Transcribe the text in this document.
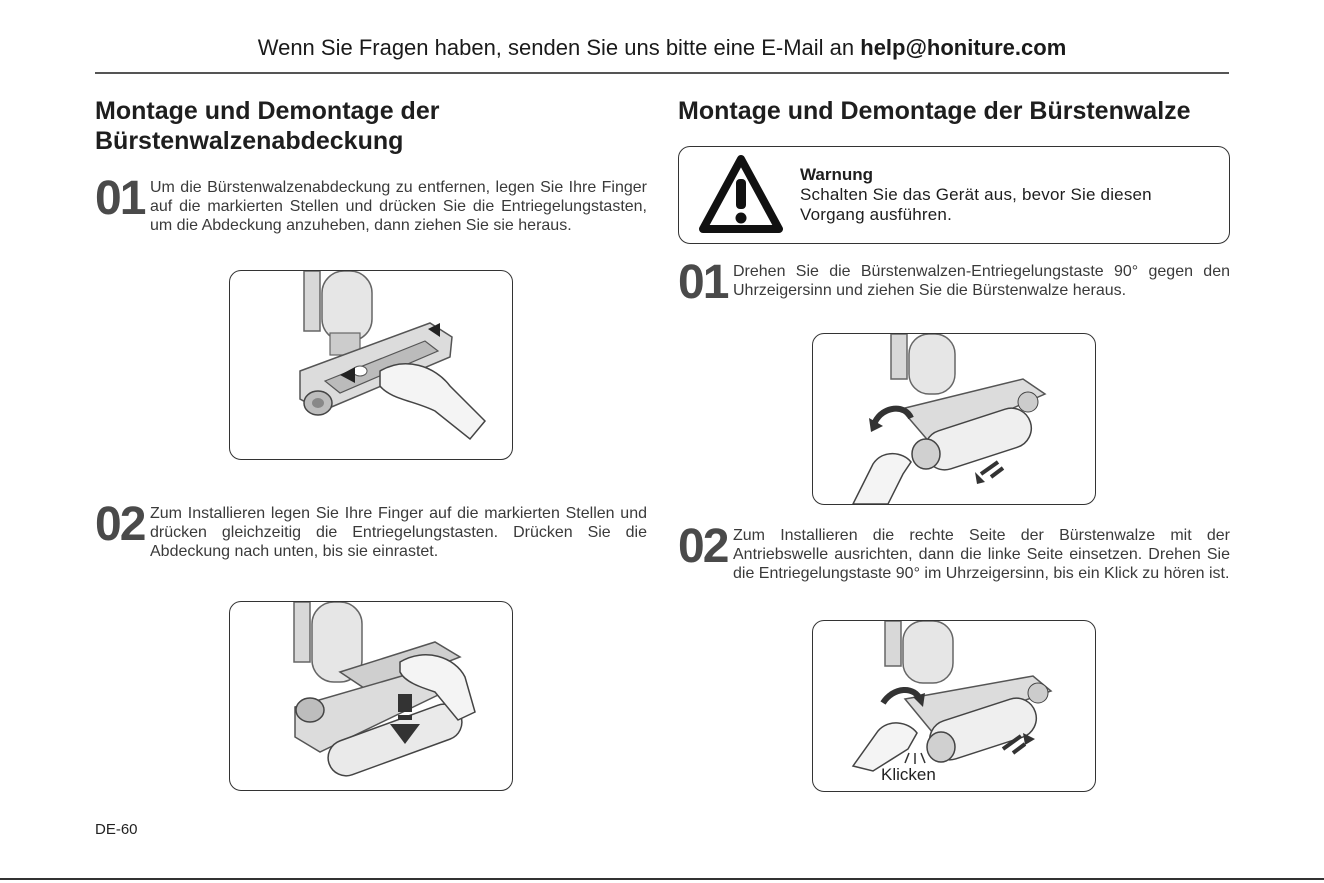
Wenn Sie Fragen haben, senden Sie uns bitte eine E-Mail an help@honiture.com
Montage und Demontage der
Bürstenwalzenabdeckung
01 Um die Bürstenwalzenabdeckung zu entfernen, legen Sie Ihre Finger auf die markierten Stellen und drücken Sie die Entriegelungstasten, um die Abdeckung anzuheben, dann ziehen Sie sie heraus.
02 Zum Installieren legen Sie Ihre Finger auf die markierten Stellen und drücken gleichzeitig die Entriegelungstasten. Drücken Sie die Abdeckung nach unten, bis sie einrastet.
Montage und Demontage der Bürstenwalze
Warnung
Schalten Sie das Gerät aus, bevor Sie diesen Vorgang ausführen.
01 Drehen Sie die Bürstenwalzen-Entriegelungstaste 90° gegen den Uhrzeigersinn und ziehen Sie die Bürstenwalze heraus.
02 Zum Installieren die rechte Seite der Bürstenwalze mit der Antriebswelle ausrichten, dann die linke Seite einsetzen. Drehen Sie die Entriegelungstaste 90° im Uhrzeigersinn, bis ein Klick zu hören ist.
Klicken
DE-60
